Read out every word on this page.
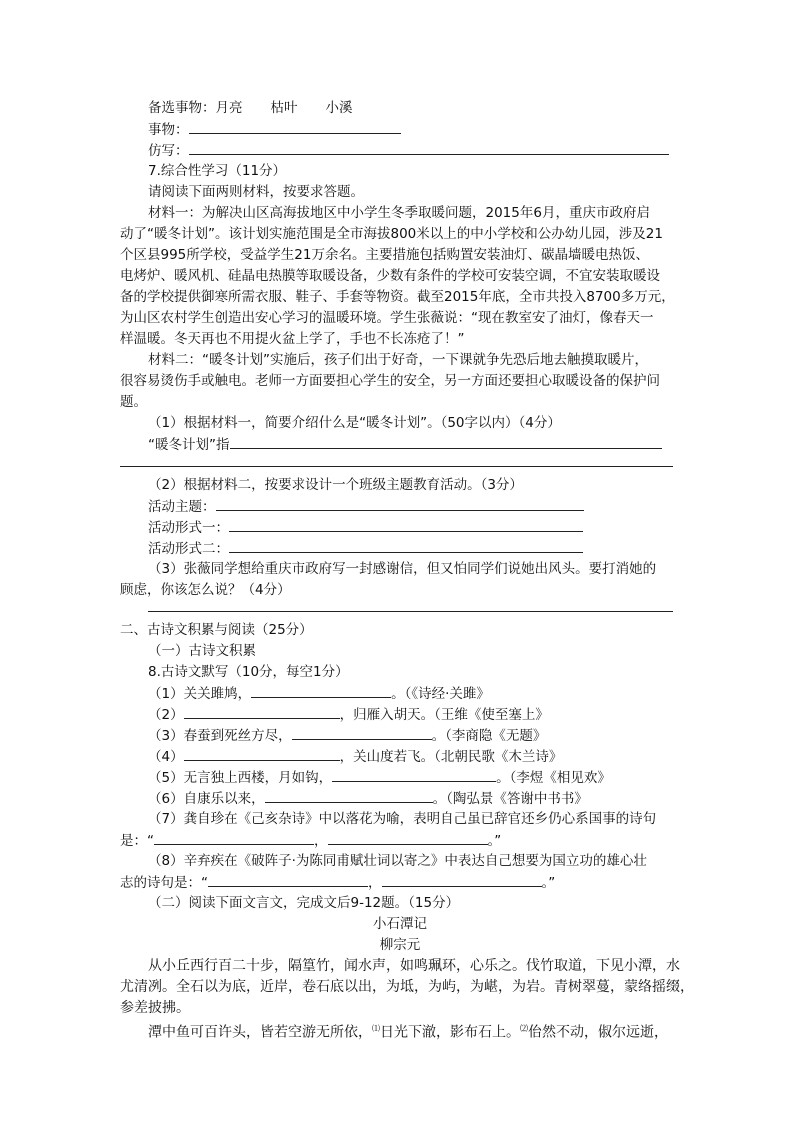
备选事物：月亮 枯叶 小溪
事物：
仿写：
7.综合性学习（11分）
请阅读下面两则材料，按要求答题。
材料一：为解决山区高海拔地区中小学生冬季取暖问题，2015年6月，重庆市政府启
动了“暖冬计划”。该计划实施范围是全市海拔800米以上的中小学校和公办幼儿园，涉及21
个区县995所学校，受益学生21万余名。主要措施包括购置安装油灯、碳晶墙暖电热饭、
电烤炉、暖风机、硅晶电热膜等取暖设备，少数有条件的学校可安装空调，不宜安装取暖设
备的学校提供御寒所需衣服、鞋子、手套等物资。截至2015年底，全市共投入8700多万元，
为山区农村学生创造出安心学习的温暖环境。学生张薇说：“现在教室安了油灯，像春天一
样温暖。冬天再也不用提火盆上学了，手也不长冻疮了！”
材料二：“暖冬计划”实施后，孩子们出于好奇，一下课就争先恐后地去触摸取暖片，
很容易烫伤手或触电。老师一方面要担心学生的安全，另一方面还要担心取暖设备的保护问
题。
（1）根据材料一，简要介绍什么是“暖冬计划”。（50字以内）（4分）
“暖冬计划”指
（2）根据材料二，按要求设计一个班级主题教育活动。（3分）
活动主题：
活动形式一：
活动形式二：
（3）张薇同学想给重庆市政府写一封感谢信，但又怕同学们说她出风头。要打消她的
顾虑，你该怎么说？（4分）
二、古诗文积累与阅读（25分）
（一）古诗文积累
8.古诗文默写（10分，每空1分）
（1）关关雎鸠，	。（《诗经·关雎》
（2）	，归雁入胡天。（王维《使至塞上》
（3）春蚕到死丝方尽，	。（李商隐《无题》
（4）	，关山度若飞。（北朝民歌《木兰诗》
（5）无言独上西楼，月如钩，	。（李煜《相见欢》
（6）自康乐以来，	。（陶弘景《答谢中书书》
（7）龚自珍在《己亥杂诗》中以落花为喻，表明自己虽已辞官还乡仍心系国事的诗句
是：“	，	。”
（8）辛弃疾在《破阵子·为陈同甫赋壮词以寄之》中表达自己想要为国立功的雄心壮
志的诗句是：“	，	。”
（二）阅读下面文言文，完成文后9-12题。（15分）
小石潭记
柳宗元
从小丘西行百二十步，隔篁竹，闻水声，如鸣珮环，心乐之。伐竹取道，下见小潭，水
尤清冽。全石以为底，近岸，卷石底以出，为坻，为屿，为嵁，为岩。青树翠蔓，蒙络摇缀，
参差披拂。
潭中鱼可百许头，皆若空游无所依，⑴日光下澈，影布石上。⑵佁然不动，俶尔远逝，
